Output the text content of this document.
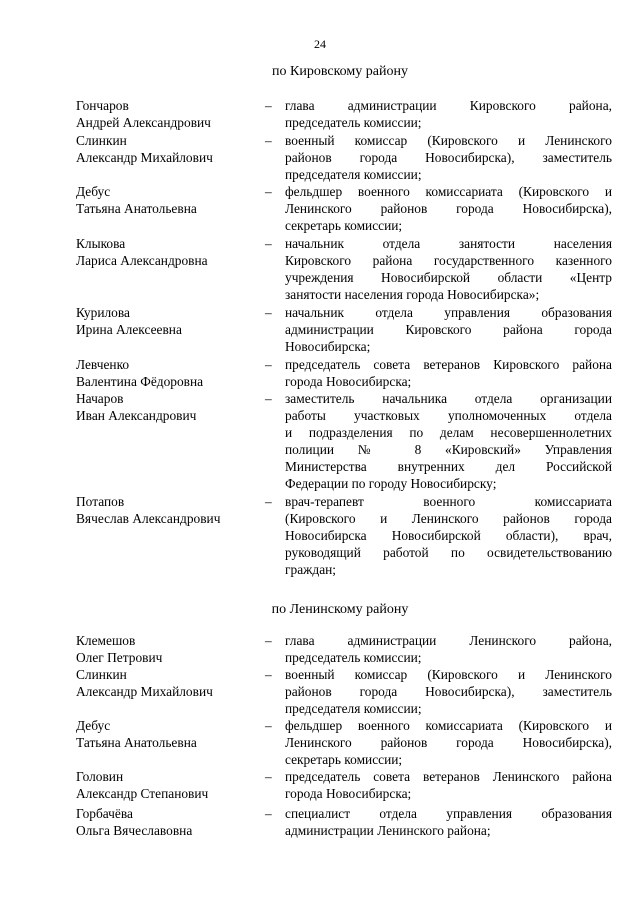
24
по Кировскому району
Гончаров
Андрей Александрович
– глава администрации Кировского района,
председатель комиссии;
Слинкин
Александр Михайлович
– военный комиссар (Кировского и Ленинского
районов города Новосибирска), заместитель
председателя комиссии;
Дебус
Татьяна Анатольевна
– фельдшер военного комиссариата (Кировского и
Ленинского районов города Новосибирска),
секретарь комиссии;
Клыкова
Лариса Александровна
– начальник отдела занятости населения
Кировского района государственного казенного
учреждения Новосибирской области «Центр
занятости населения города Новосибирска»;
Курилова
Ирина Алексеевна
– начальник отдела управления образования
администрации Кировского района города
Новосибирска;
Левченко
Валентина Фёдоровна
– председатель совета ветеранов Кировского района
города Новосибирска;
Начаров
Иван Александрович
– заместитель начальника отдела организации
работы участковых уполномоченных отдела
и подразделения по делам несовершеннолетних
полиции № 8 «Кировский» Управления
Министерства внутренних дел Российской
Федерации по городу Новосибирску;
Потапов
Вячеслав Александрович
– врач-терапевт военного комиссариата
(Кировского и Ленинского районов города
Новосибирска Новосибирской области), врач,
руководящий работой по освидетельствованию
граждан;
по Ленинскому району
Клемешов
Олег Петрович
– глава администрации Ленинского района,
председатель комиссии;
Слинкин
Александр Михайлович
– военный комиссар (Кировского и Ленинского
районов города Новосибирска), заместитель
председателя комиссии;
Дебус
Татьяна Анатольевна
– фельдшер военного комиссариата (Кировского и
Ленинского районов города Новосибирска),
секретарь комиссии;
Головин
Александр Степанович
– председатель совета ветеранов Ленинского района
города Новосибирска;
Горбачёва
Ольга Вячеславовна
– специалист отдела управления образования
администрации Ленинского района;
